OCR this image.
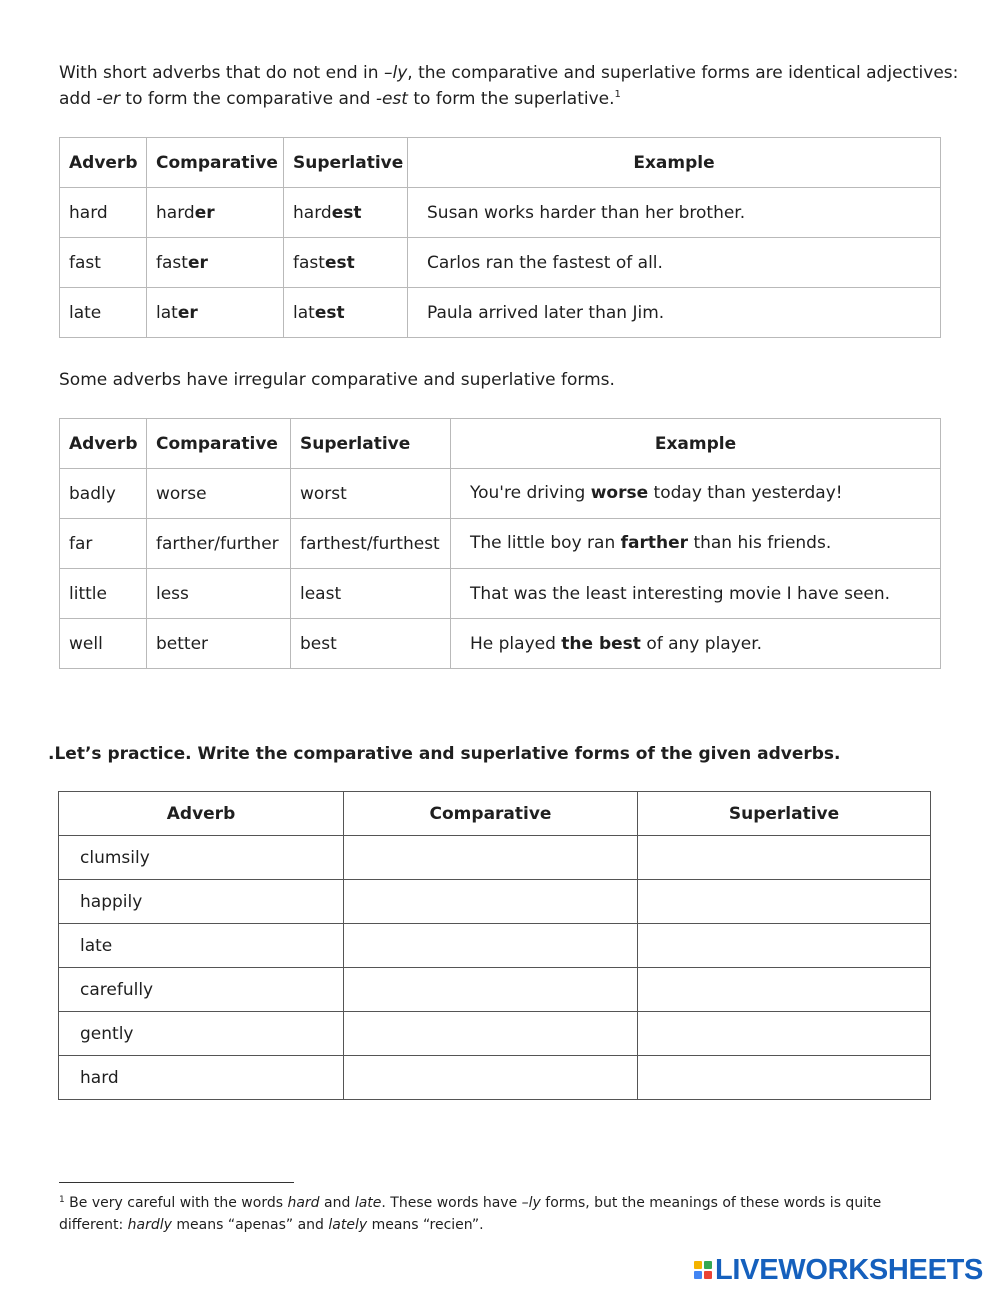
With short adverbs that do not end in –ly, the comparative and superlative forms are identical adjectives: add -er to form the comparative and -est to form the superlative.$^1$
Adverb	Comparative	Superlative	Example
hard	harder	hardest	Susan works harder than her brother.
fast	faster	fastest	Carlos ran the fastest of all.
late	later	latest	Paula arrived later than Jim.
Some adverbs have irregular comparative and superlative forms.
Adverb	Comparative	Superlative	Example
badly	worse	worst	You're driving worse today than yesterday!
far	farther/further	farthest/furthest	The little boy ran farther than his friends.
little	less	least	That was the least interesting movie I have seen.
well	better	best	He played the best of any player.
.Let’s practice. Write the comparative and superlative forms of the given adverbs.
Adverb	Comparative	Superlative
clumsily		
happily		
late		
carefully		
gently		
hard		
$^1$ Be very careful with the words hard and late. These words have –ly forms, but the meanings of these words is quite different: hardly means “apenas” and lately means “recien”.
LIVEWORKSHEETS
